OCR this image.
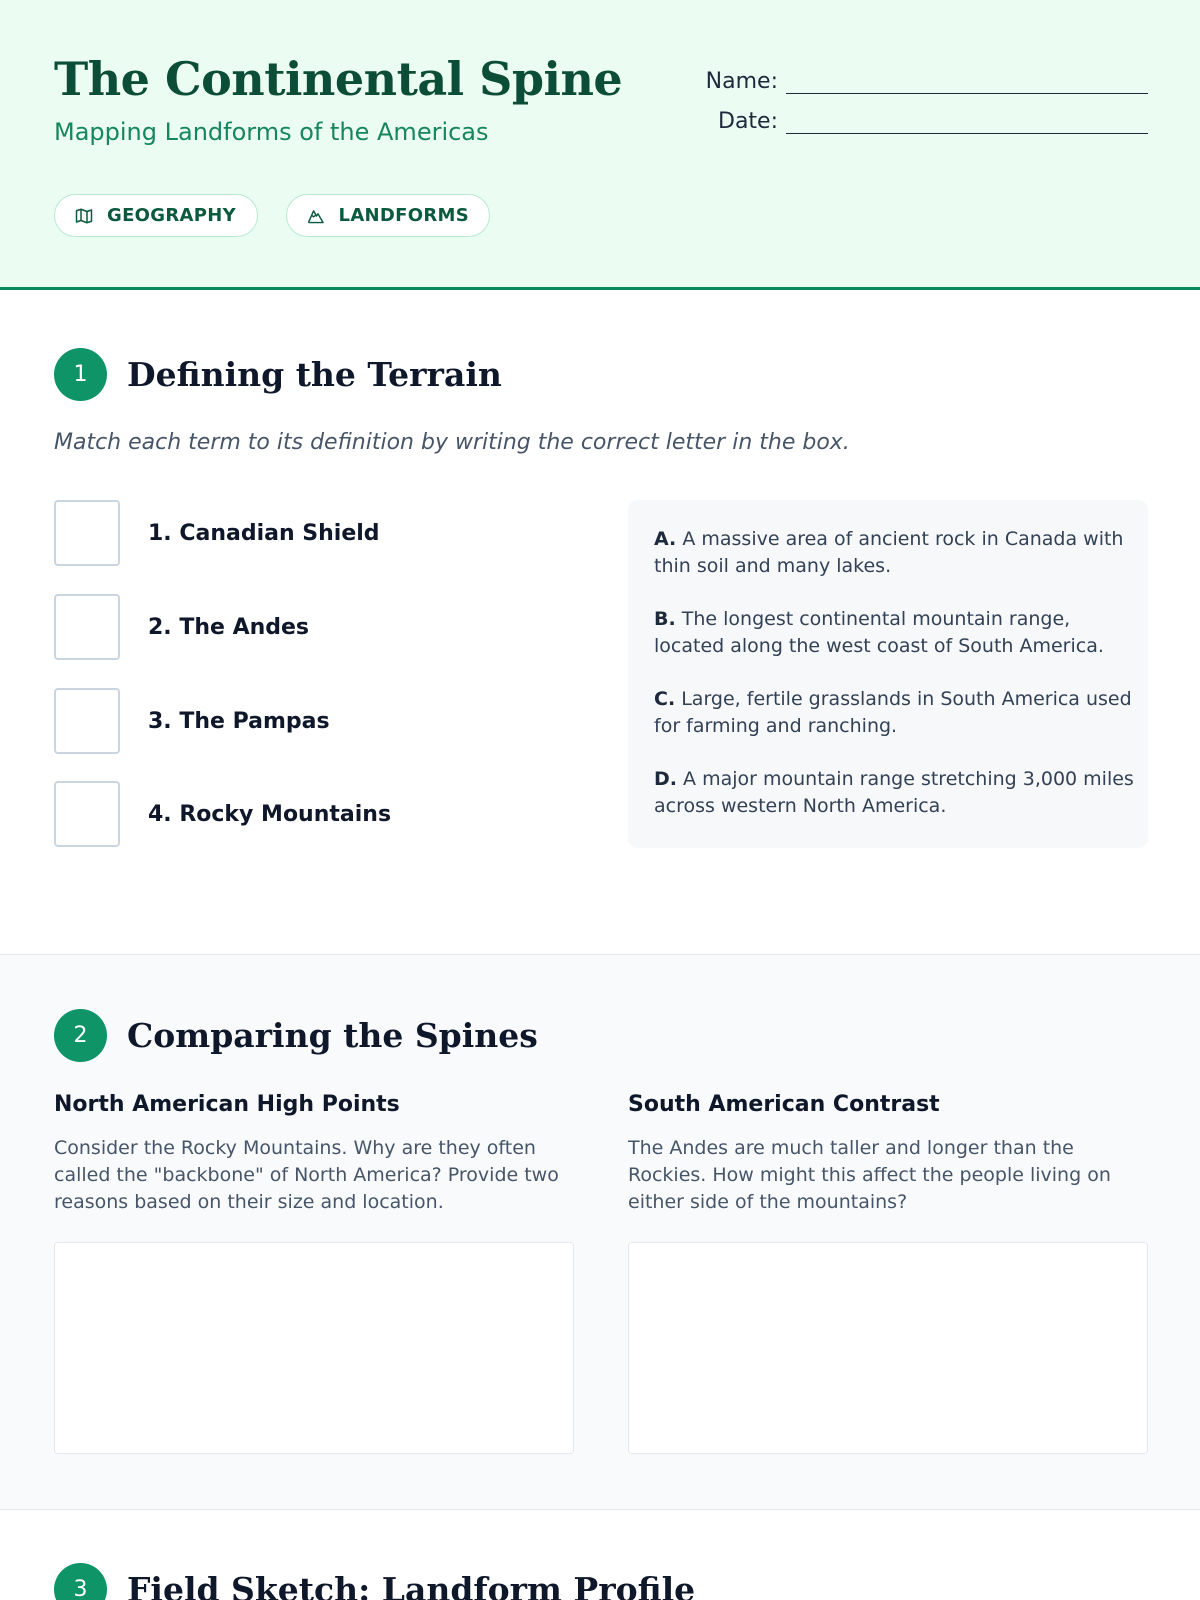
The Continental Spine
Mapping Landforms of the Americas
Name:
Date:
GEOGRAPHY	LANDFORMS
1	Defining the Terrain
Match each term to its definition by writing the correct letter in the box.
1. Canadian Shield
2. The Andes
3. The Pampas
4. Rocky Mountains
A. A massive area of ancient rock in Canada with thin soil and many lakes.
B. The longest continental mountain range, located along the west coast of South America.
C. Large, fertile grasslands in South America used for farming and ranching.
D. A major mountain range stretching 3,000 miles across western North America.
2	Comparing the Spines
North American High Points
Consider the Rocky Mountains. Why are they often called the "backbone" of North America? Provide two reasons based on their size and location.
South American Contrast
The Andes are much taller and longer than the Rockies. How might this affect the people living on either side of the mountains?
3	Field Sketch: Landform Profile
